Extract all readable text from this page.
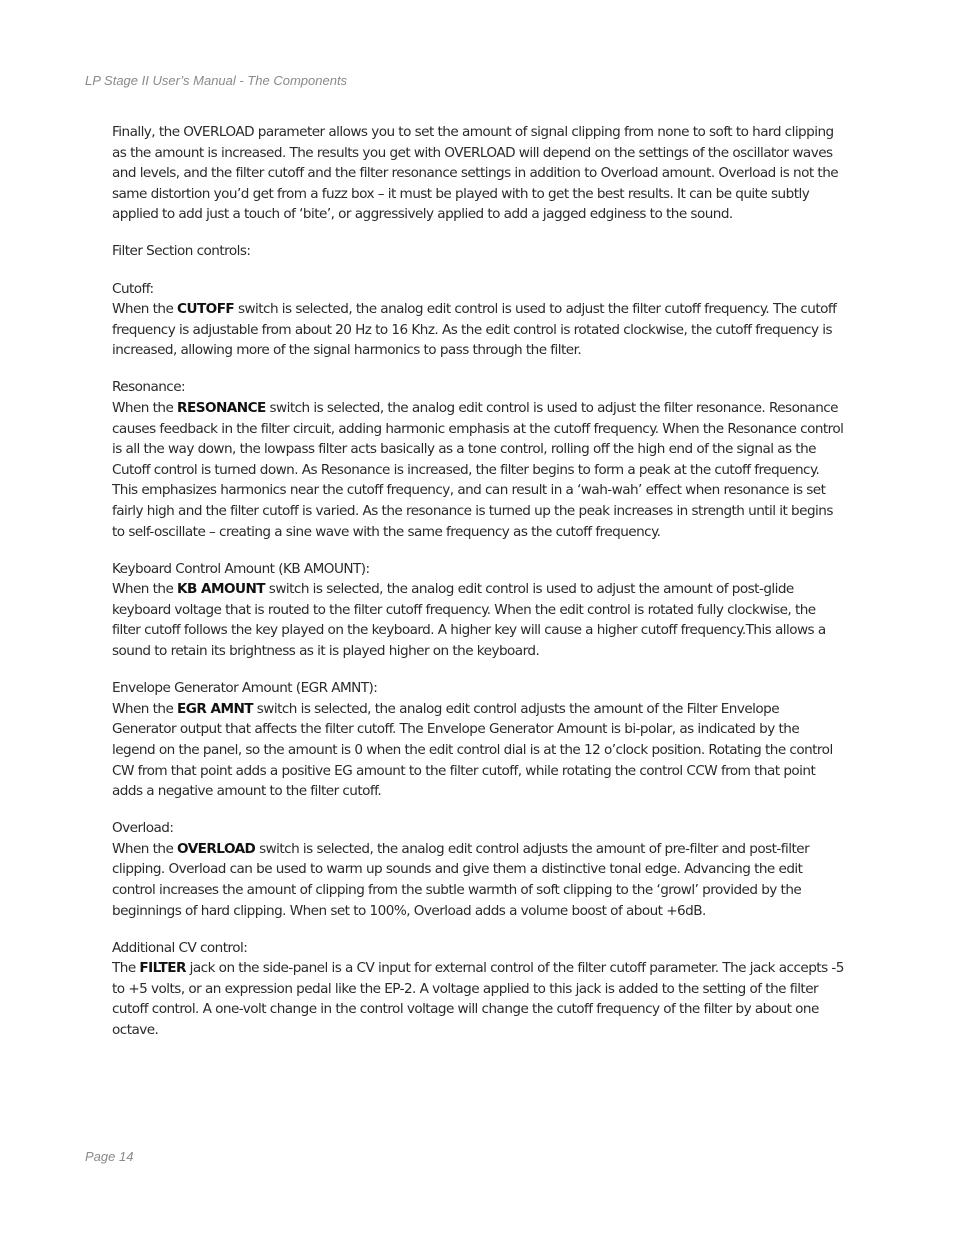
LP Stage II User’s Manual - The Components

Finally, the OVERLOAD parameter allows you to set the amount of signal clipping from none to soft to hard clipping as the amount is increased. The results you get with OVERLOAD will depend on the settings of the oscillator waves and levels, and the filter cutoff and the filter resonance settings in addition to Overload amount. Overload is not the same distortion you’d get from a fuzz box – it must be played with to get the best results. It can be quite subtly applied to add just a touch of ‘bite’, or aggressively applied to add a jagged edginess to the sound.

Filter Section controls:

Cutoff:
When the CUTOFF switch is selected, the analog edit control is used to adjust the filter cutoff frequency. The cutoff frequency is adjustable from about 20 Hz to 16 Khz. As the edit control is rotated clockwise, the cutoff frequency is increased, allowing more of the signal harmonics to pass through the filter.

Resonance:
When the RESONANCE switch is selected, the analog edit control is used to adjust the filter resonance. Resonance causes feedback in the filter circuit, adding harmonic emphasis at the cutoff frequency. When the Resonance control is all the way down, the lowpass filter acts basically as a tone control, rolling off the high end of the signal as the Cutoff control is turned down. As Resonance is increased, the filter begins to form a peak at the cutoff frequency. This emphasizes harmonics near the cutoff frequency, and can result in a ‘wah-wah’ effect when resonance is set fairly high and the filter cutoff is varied. As the resonance is turned up the peak increases in strength until it begins to self-oscillate – creating a sine wave with the same frequency as the cutoff frequency.

Keyboard Control Amount (KB AMOUNT):
When the KB AMOUNT switch is selected, the analog edit control is used to adjust the amount of post-glide keyboard voltage that is routed to the filter cutoff frequency. When the edit control is rotated fully clockwise, the filter cutoff follows the key played on the keyboard. A higher key will cause a higher cutoff frequency.This allows a sound to retain its brightness as it is played higher on the keyboard.

Envelope Generator Amount (EGR AMNT):
When the EGR AMNT switch is selected, the analog edit control adjusts the amount of the Filter Envelope Generator output that affects the filter cutoff. The Envelope Generator Amount is bi-polar, as indicated by the legend on the panel, so the amount is 0 when the edit control dial is at the 12 o’clock position. Rotating the control CW from that point adds a positive EG amount to the filter cutoff, while rotating the control CCW from that point adds a negative amount to the filter cutoff.

Overload:
When the OVERLOAD switch is selected, the analog edit control adjusts the amount of pre-filter and post-filter clipping. Overload can be used to warm up sounds and give them a distinctive tonal edge. Advancing the edit control increases the amount of clipping from the subtle warmth of soft clipping to the ‘growl’ provided by the beginnings of hard clipping. When set to 100%, Overload adds a volume boost of about +6dB.

Additional CV control:
The FILTER jack on the side-panel is a CV input for external control of the filter cutoff parameter. The jack accepts -5 to +5 volts, or an expression pedal like the EP-2. A voltage applied to this jack is added to the setting of the filter cutoff control. A one-volt change in the control voltage will change the cutoff frequency of the filter by about one octave.

Page 14
